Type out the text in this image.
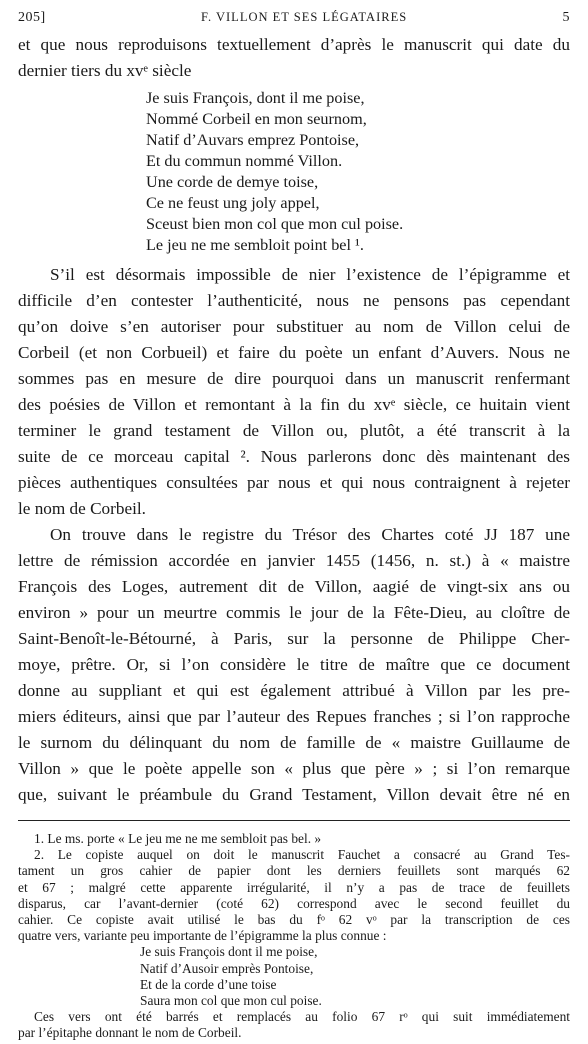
205]	F. VILLON ET SES LÉGATAIRES	5

et que nous reproduisons textuellement d’après le manuscrit qui date du
dernier tiers du xvᵉ siècle

Je suis François, dont il me poise,
Nommé Corbeil en mon seurnom,
Natif d’Auvars emprez Pontoise,
Et du commun nommé Villon.
Une corde de demye toise,
Ce ne feust ung joly appel,
Sceust bien mon col que mon cul poise.
Le jeu ne me sembloit point bel ¹.

S’il est désormais impossible de nier l’existence de l’épigramme et
difficile d’en contester l’authenticité, nous ne pensons pas cependant
qu’on doive s’en autoriser pour substituer au nom de Villon celui de
Corbeil (et non Corbueil) et faire du poète un enfant d’Auvers. Nous ne
sommes pas en mesure de dire pourquoi dans un manuscrit renfermant
des poésies de Villon et remontant à la fin du xvᵉ siècle, ce huitain vient
terminer le grand testament de Villon ou, plutôt, a été transcrit à la
suite de ce morceau capital ². Nous parlerons donc dès maintenant des
pièces authentiques consultées par nous et qui nous contraignent à rejeter
le nom de Corbeil.

On trouve dans le registre du Trésor des Chartes coté JJ 187 une
lettre de rémission accordée en janvier 1455 (1456, n. st.) à « maistre
François des Loges, autrement dit de Villon, aagié de vingt-six ans ou
environ » pour un meurtre commis le jour de la Fête-Dieu, au cloître de
Saint-Benoît-le-Bétourné, à Paris, sur la personne de Philippe Cher-
moye, prêtre. Or, si l’on considère le titre de maître que ce document
donne au suppliant et qui est également attribué à Villon par les pre-
miers éditeurs, ainsi que par l’auteur des Repues franches ; si l’on rapproche
le surnom du délinquant du nom de famille de « maistre Guillaume de
Villon » que le poète appelle son « plus que père » ; si l’on remarque
que, suivant le préambule du Grand Testament, Villon devait être né en

1. Le ms. porte « Le jeu me ne me sembloit pas bel. »
2. Le copiste auquel on doit le manuscrit Fauchet a consacré au Grand Tes-
tament un gros cahier de papier dont les derniers feuillets sont marqués 62
et 67 ; malgré cette apparente irrégularité, il n’y a pas de trace de feuillets
disparus, car l’avant-dernier (coté 62) correspond avec le second feuillet du
cahier. Ce copiste avait utilisé le bas du fᵒ 62 vᵒ par la transcription de ces
quatre vers, variante peu importante de l’épigramme la plus connue :
Je suis François dont il me poise,
Natif d’Ausoir emprès Pontoise,
Et de la corde d’une toise
Saura mon col que mon cul poise.
Ces vers ont été barrés et remplacés au folio 67 rᵒ qui suit immédiatement
par l’épitaphe donnant le nom de Corbeil.
